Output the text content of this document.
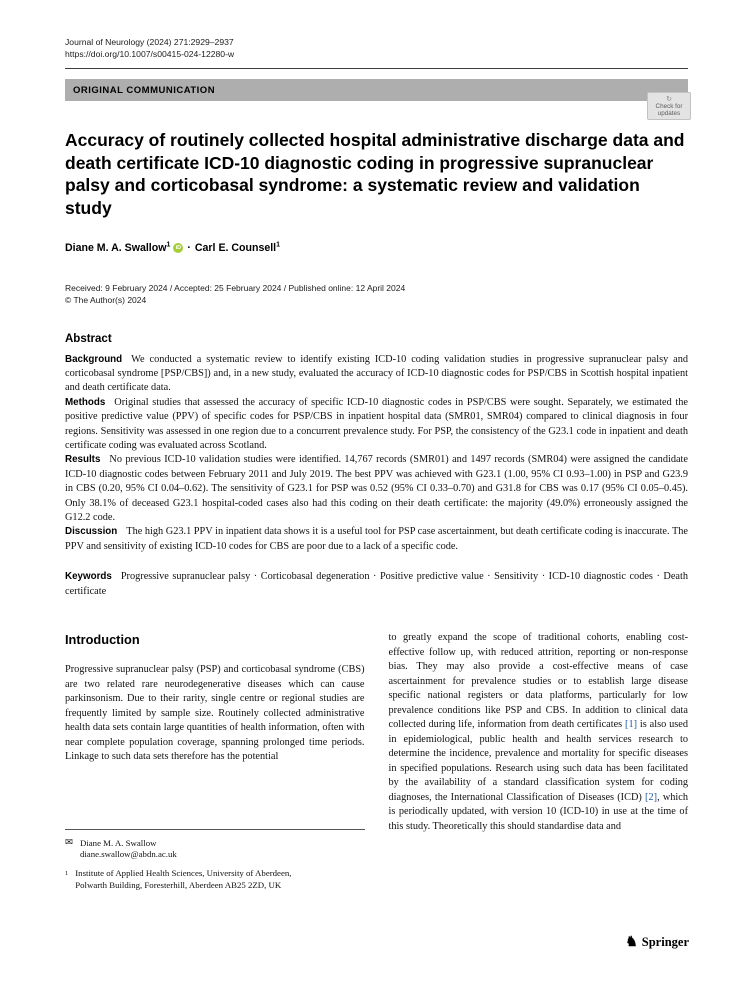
Journal of Neurology (2024) 271:2929–2937
https://doi.org/10.1007/s00415-024-12280-w
ORIGINAL COMMUNICATION
↻
Check for
updates
Accuracy of routinely collected hospital administrative discharge data and death certificate ICD-10 diagnostic coding in progressive supranuclear palsy and corticobasal syndrome: a systematic review and validation study
Diane M. A. Swallow$^1$ iD · Carl E. Counsell$^1$
Received: 9 February 2024 / Accepted: 25 February 2024 / Published online: 12 April 2024
© The Author(s) 2024
Abstract

Background We conducted a systematic review to identify existing ICD-10 coding validation studies in progressive supranuclear palsy and corticobasal syndrome [PSP/CBS]) and, in a new study, evaluated the accuracy of ICD-10 diagnostic codes for PSP/CBS in Scottish hospital inpatient and death certificate data.

Methods Original studies that assessed the accuracy of specific ICD-10 diagnostic codes in PSP/CBS were sought. Separately, we estimated the positive predictive value (PPV) of specific codes for PSP/CBS in inpatient hospital data (SMR01, SMR04) compared to clinical diagnosis in four regions. Sensitivity was assessed in one region due to a concurrent prevalence study. For PSP, the consistency of the G23.1 code in inpatient and death certificate coding was evaluated across Scotland.

Results No previous ICD-10 validation studies were identified. 14,767 records (SMR01) and 1497 records (SMR04) were assigned the candidate ICD-10 diagnostic codes between February 2011 and July 2019. The best PPV was achieved with G23.1 (1.00, 95% CI 0.93–1.00) in PSP and G23.9 in CBS (0.20, 95% CI 0.04–0.62). The sensitivity of G23.1 for PSP was 0.52 (95% CI 0.33–0.70) and G31.8 for CBS was 0.17 (95% CI 0.05–0.45). Only 38.1% of deceased G23.1 hospital-coded cases also had this coding on their death certificate: the majority (49.0%) erroneously assigned the G12.2 code.

Discussion The high G23.1 PPV in inpatient data shows it is a useful tool for PSP case ascertainment, but death certificate coding is inaccurate. The PPV and sensitivity of existing ICD-10 codes for CBS are poor due to a lack of a specific code.

Keywords Progressive supranuclear palsy · Corticobasal degeneration · Positive predictive value · Sensitivity · ICD-10 diagnostic codes · Death certificate

Introduction

Progressive supranuclear palsy (PSP) and corticobasal syndrome (CBS) are two related rare neurodegenerative diseases which can cause parkinsonism. Due to their rarity, single centre or regional studies are frequently limited by sample size. Routinely collected administrative health data sets contain large quantities of health information, often with near complete population coverage, spanning prolonged time periods. Linkage to such data sets therefore has the potential

✉ Diane M. A. Swallow
diane.swallow@abdn.ac.uk
1 Institute of Applied Health Sciences, University of Aberdeen, Polwarth Building, Foresterhill, Aberdeen AB25 2ZD, UK

to greatly expand the scope of traditional cohorts, enabling cost-effective follow up, with reduced attrition, reporting or non-response bias. They may also provide a cost-effective means of case ascertainment for prevalence studies or to establish large disease specific national registers or data platforms, particularly for low prevalence conditions like PSP and CBS. In addition to clinical data collected during life, information from death certificates [1] is also used in epidemiological, public health and health services research to determine the incidence, prevalence and mortality for specific diseases in specified populations. Research using such data has been facilitated by the availability of a standard classification system for coding diagnoses, the International Classification of Diseases (ICD) [2], which is periodically updated, with version 10 (ICD-10) in use at the time of this study. Theoretically this should standardise data and

♞ Springer
